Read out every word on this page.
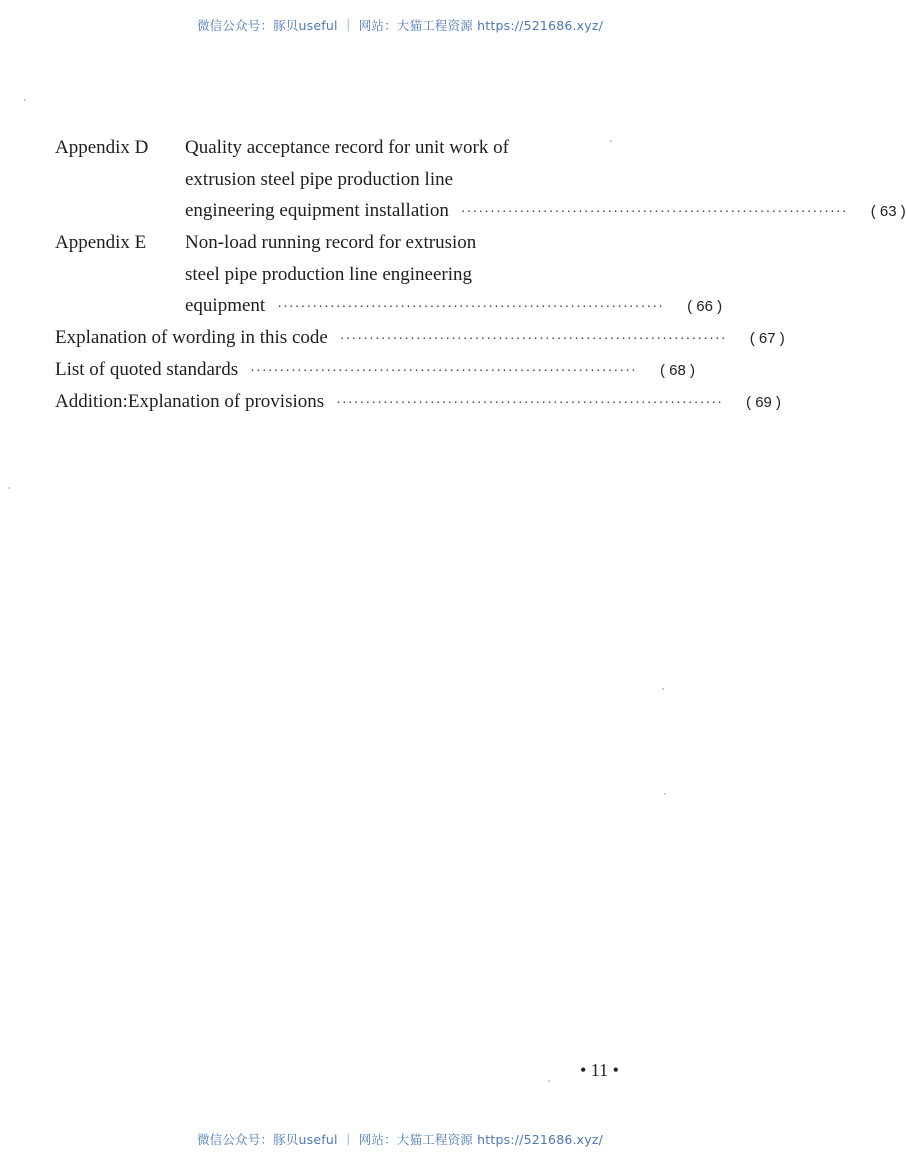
微信公众号：豚贝useful ｜ 网站：大猫工程资源 https://521686.xyz/
Appendix D Quality acceptance record for unit work of
extrusion steel pipe production line
engineering equipment installation ··································································	( 63 )
Appendix E Non-load running record for extrusion
steel pipe production line engineering
equipment ··································································	( 66 )
Explanation of wording in this code ··································································	( 67 )
List of quoted standards ··································································	( 68 )
Addition:Explanation of provisions ··································································	( 69 )
• 11 •
微信公众号：豚贝useful ｜ 网站：大猫工程资源 https://521686.xyz/
